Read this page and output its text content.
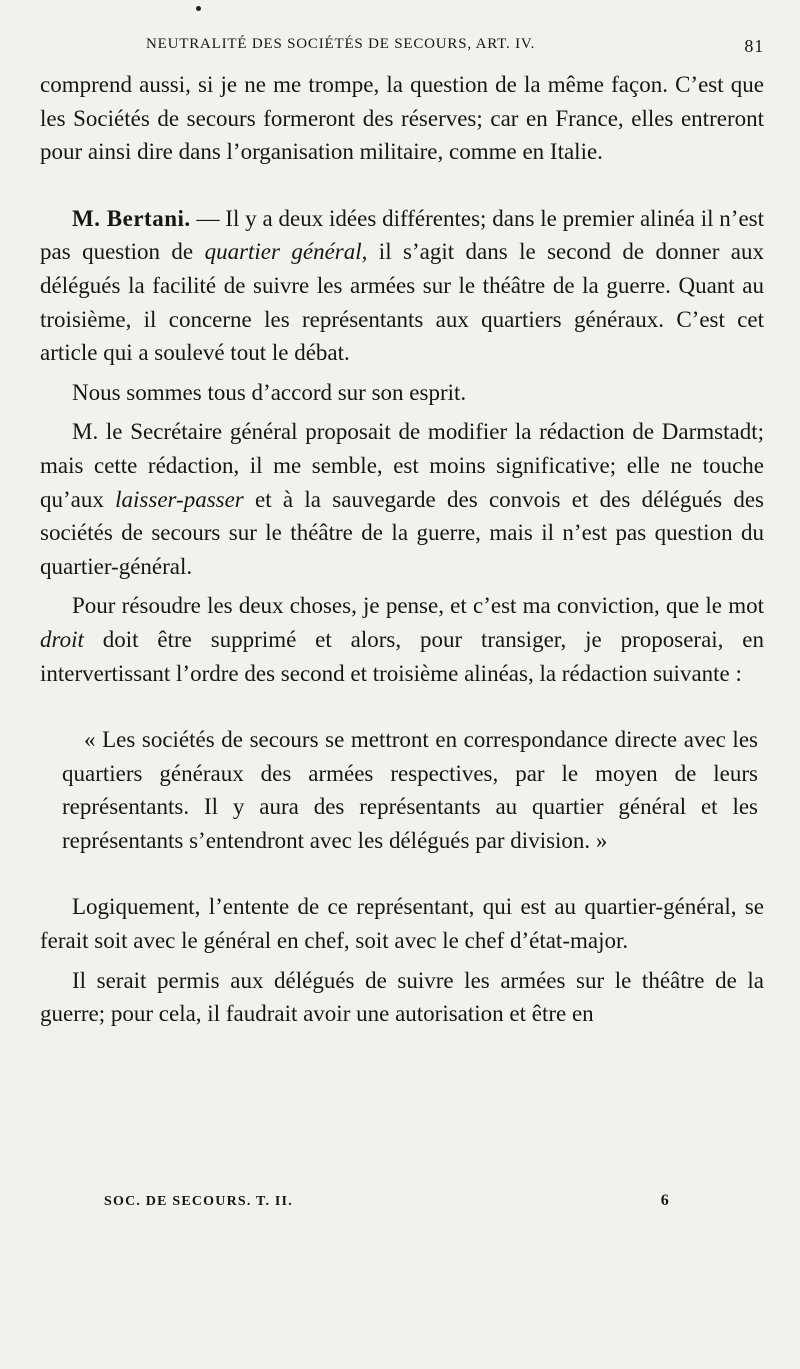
NEUTRALITÉ DES SOCIÉTÉS DE SECOURS, ART. IV.	81

comprend aussi, si je ne me trompe, la question de la même façon. C’est que les Sociétés de secours formeront des réserves; car en France, elles entreront pour ainsi dire dans l’organisation militaire, comme en Italie.

M. Bertani. — Il y a deux idées différentes; dans le premier alinéa il n’est pas question de quartier général, il s’agit dans le second de donner aux délégués la facilité de suivre les armées sur le théâtre de la guerre. Quant au troisième, il concerne les représentants aux quartiers généraux. C’est cet article qui a soulevé tout le débat.

Nous sommes tous d’accord sur son esprit.

M. le Secrétaire général proposait de modifier la rédaction de Darmstadt; mais cette rédaction, il me semble, est moins significative; elle ne touche qu’aux laisser-passer et à la sauvegarde des convois et des délégués des sociétés de secours sur le théâtre de la guerre, mais il n’est pas question du quartier-général.

Pour résoudre les deux choses, je pense, et c’est ma conviction, que le mot droit doit être supprimé et alors, pour transiger, je proposerai, en intervertissant l’ordre des second et troisième alinéas, la rédaction suivante :

« Les sociétés de secours se mettront en correspondance directe avec les quartiers généraux des armées respectives, par le moyen de leurs représentants. Il y aura des représentants au quartier général et les représentants s’entendront avec les délégués par division. »

Logiquement, l’entente de ce représentant, qui est au quartier-général, se ferait soit avec le général en chef, soit avec le chef d’état-major.

Il serait permis aux délégués de suivre les armées sur le théâtre de la guerre; pour cela, il faudrait avoir une autorisation et être en

SOC. DE SECOURS. T. II.	6
